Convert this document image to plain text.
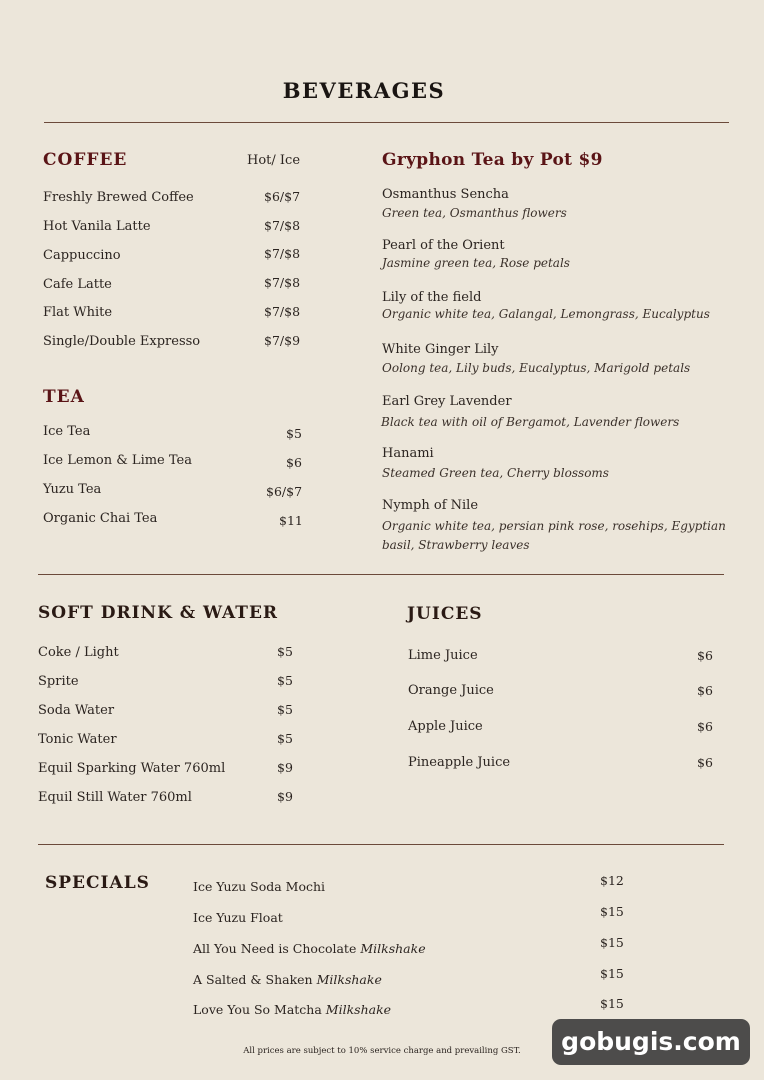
BEVERAGES
COFFEE	Hot/ Ice
Freshly Brewed Coffee	$6/$7
Hot Vanila Latte	$7/$8
Cappuccino	$7/$8
Cafe Latte	$7/$8
Flat White	$7/$8
Single/Double Expresso	$7/$9
TEA
Ice Tea	$5
Ice Lemon & Lime Tea	$6
Yuzu Tea	$6/$7
Organic Chai Tea	$11
Gryphon Tea by Pot $9
Osmanthus Sencha
Green tea, Osmanthus flowers
Pearl of the Orient
Jasmine green tea, Rose petals
Lily of the field
Organic white tea, Galangal, Lemongrass, Eucalyptus
White Ginger Lily
Oolong tea, Lily buds, Eucalyptus, Marigold petals
Earl Grey Lavender
Black tea with oil of Bergamot, Lavender flowers
Hanami
Steamed Green tea, Cherry blossoms
Nymph of Nile
Organic white tea, persian pink rose, rosehips, Egyptian basil, Strawberry leaves
SOFT DRINK & WATER
Coke / Light	$5
Sprite	$5
Soda Water	$5
Tonic Water	$5
Equil Sparking Water 760ml	$9
Equil Still Water 760ml	$9
JUICES
Lime Juice	$6
Orange Juice	$6
Apple Juice	$6
Pineapple Juice	$6
SPECIALS	Ice Yuzu Soda Mochi	$12
Ice Yuzu Float	$15
All You Need is Chocolate Milkshake	$15
A Salted & Shaken Milkshake	$15
Love You So Matcha Milkshake	$15
All prices are subject to 10% service charge and prevailing GST.	gobugis.com
